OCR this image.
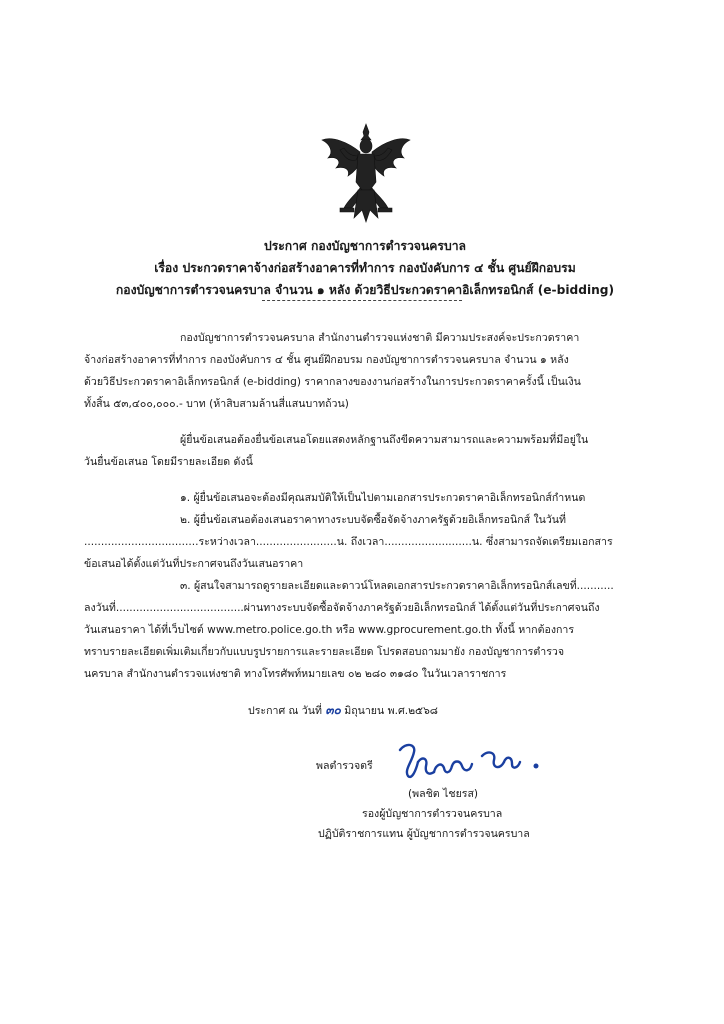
ประกาศ กองบัญชาการตำรวจนครบาล
เรื่อง ประกวดราคาจ้างก่อสร้างอาคารที่ทำการ กองบังคับการ ๔ ชั้น ศูนย์ฝึกอบรม
กองบัญชาการตำรวจนครบาล จำนวน ๑ หลัง ด้วยวิธีประกวดราคาอิเล็กทรอนิกส์ (e-bidding)
กองบัญชาการตำรวจนครบาล สำนักงานตำรวจแห่งชาติ มีความประสงค์จะประกวดราคา
จ้างก่อสร้างอาคารที่ทำการ กองบังคับการ ๔ ชั้น ศูนย์ฝึกอบรม กองบัญชาการตำรวจนครบาล จำนวน ๑ หลัง
ด้วยวิธีประกวดราคาอิเล็กทรอนิกส์ (e-bidding) ราคากลางของงานก่อสร้างในการประกวดราคาครั้งนี้ เป็นเงิน
ทั้งสิ้น ๕๓,๔๐๐,๐๐๐.- บาท (ห้าสิบสามล้านสี่แสนบาทถ้วน)
ผู้ยื่นข้อเสนอต้องยื่นข้อเสนอโดยแสดงหลักฐานถึงขีดความสามารถและความพร้อมที่มีอยู่ใน
วันยื่นข้อเสนอ โดยมีรายละเอียด ดังนี้
๑. ผู้ยื่นข้อเสนอจะต้องมีคุณสมบัติให้เป็นไปตามเอกสารประกวดราคาอิเล็กทรอนิกส์กำหนด
๒. ผู้ยื่นข้อเสนอต้องเสนอราคาทางระบบจัดซื้อจัดจ้างภาครัฐด้วยอิเล็กทรอนิกส์ ในวันที่
..................................ระหว่างเวลา........................น. ถึงเวลา..........................น. ซึ่งสามารถจัดเตรียมเอกสาร
ข้อเสนอได้ตั้งแต่วันที่ประกาศจนถึงวันเสนอราคา
๓. ผู้สนใจสามารถดูรายละเอียดและดาวน์โหลดเอกสารประกวดราคาอิเล็กทรอนิกส์เลขที่...........
ลงวันที่......................................ผ่านทางระบบจัดซื้อจัดจ้างภาครัฐด้วยอิเล็กทรอนิกส์ ได้ตั้งแต่วันที่ประกาศจนถึง
วันเสนอราคา ได้ที่เว็บไซต์ www.metro.police.go.th หรือ www.gprocurement.go.th ทั้งนี้ หากต้องการ
ทราบรายละเอียดเพิ่มเติมเกี่ยวกับแบบรูปรายการและรายละเอียด โปรดสอบถามมายัง กองบัญชาการตำรวจ
นครบาล สำนักงานตำรวจแห่งชาติ ทางโทรศัพท์หมายเลข ๐๒ ๒๘๐ ๓๑๘๐ ในวันเวลาราชการ
ประกาศ ณ วันที่ ๓๐ มิถุนายน พ.ศ.๒๕๖๘
พลตำรวจตรี
(พลชิต ไชยรส)
รองผู้บัญชาการตำรวจนครบาล
ปฏิบัติราชการแทน ผู้บัญชาการตำรวจนครบาล
